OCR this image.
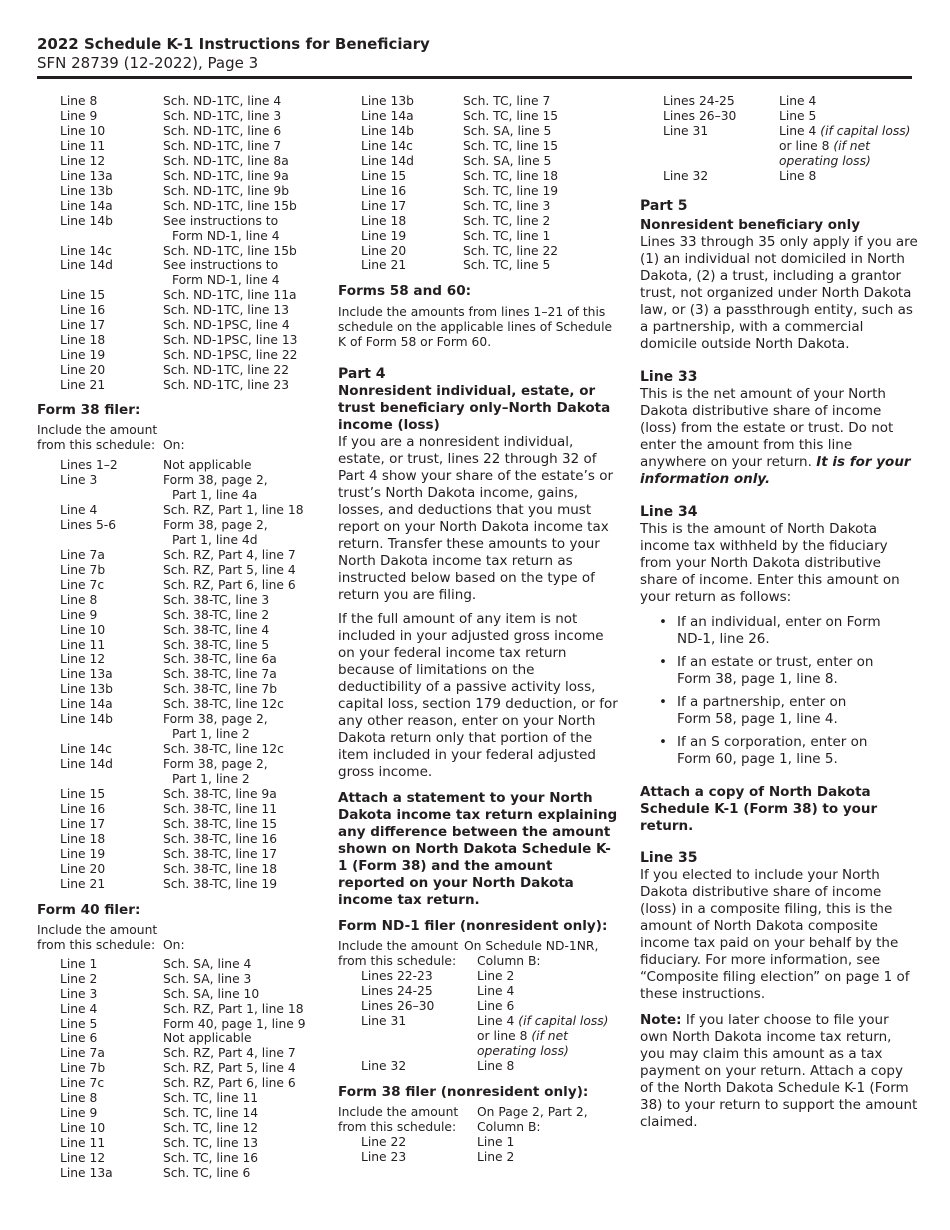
2022 Schedule K-1 Instructions for Beneficiary
SFN 28739 (12-2022), Page 3
Line 8	Sch. ND-1TC, line 4
Line 9	Sch. ND-1TC, line 3
Line 10	Sch. ND-1TC, line 6
Line 11	Sch. ND-1TC, line 7
Line 12	Sch. ND-1TC, line 8a
Line 13a	Sch. ND-1TC, line 9a
Line 13b	Sch. ND-1TC, line 9b
Line 14a	Sch. ND-1TC, line 15b
Line 14b	See instructions to
Form ND-1, line 4
Line 14c	Sch. ND-1TC, line 15b
Line 14d	See instructions to
Form ND-1, line 4
Line 15	Sch. ND-1TC, line 11a
Line 16	Sch. ND-1TC, line 13
Line 17	Sch. ND-1PSC, line 4
Line 18	Sch. ND-1PSC, line 13
Line 19	Sch. ND-1PSC, line 22
Line 20	Sch. ND-1TC, line 22
Line 21	Sch. ND-1TC, line 23
Form 38 filer:
Include the amount
from this schedule: On:
Lines 1–2	Not applicable
Line 3	Form 38, page 2,
Part 1, line 4a
Line 4	Sch. RZ, Part 1, line 18
Lines 5-6	Form 38, page 2,
Part 1, line 4d
Line 7a	Sch. RZ, Part 4, line 7
Line 7b	Sch. RZ, Part 5, line 4
Line 7c	Sch. RZ, Part 6, line 6
Line 8	Sch. 38-TC, line 3
Line 9	Sch. 38-TC, line 2
Line 10	Sch. 38-TC, line 4
Line 11	Sch. 38-TC, line 5
Line 12	Sch. 38-TC, line 6a
Line 13a	Sch. 38-TC, line 7a
Line 13b	Sch. 38-TC, line 7b
Line 14a	Sch. 38-TC, line 12c
Line 14b	Form 38, page 2,
Part 1, line 2
Line 14c	Sch. 38-TC, line 12c
Line 14d	Form 38, page 2,
Part 1, line 2
Line 15	Sch. 38-TC, line 9a
Line 16	Sch. 38-TC, line 11
Line 17	Sch. 38-TC, line 15
Line 18	Sch. 38-TC, line 16
Line 19	Sch. 38-TC, line 17
Line 20	Sch. 38-TC, line 18
Line 21	Sch. 38-TC, line 19
Form 40 filer:
Include the amount
from this schedule: On:
Line 1	Sch. SA, line 4
Line 2	Sch. SA, line 3
Line 3	Sch. SA, line 10
Line 4	Sch. RZ, Part 1, line 18
Line 5	Form 40, page 1, line 9
Line 6	Not applicable
Line 7a	Sch. RZ, Part 4, line 7
Line 7b	Sch. RZ, Part 5, line 4
Line 7c	Sch. RZ, Part 6, line 6
Line 8	Sch. TC, line 11
Line 9	Sch. TC, line 14
Line 10	Sch. TC, line 12
Line 11	Sch. TC, line 13
Line 12	Sch. TC, line 16
Line 13a	Sch. TC, line 6
Line 13b	Sch. TC, line 7
Line 14a	Sch. TC, line 15
Line 14b	Sch. SA, line 5
Line 14c	Sch. TC, line 15
Line 14d	Sch. SA, line 5
Line 15	Sch. TC, line 18
Line 16	Sch. TC, line 19
Line 17	Sch. TC, line 3
Line 18	Sch. TC, line 2
Line 19	Sch. TC, line 1
Line 20	Sch. TC, line 22
Line 21	Sch. TC, line 5
Forms 58 and 60:
Include the amounts from lines 1–21 of this schedule on the applicable lines of Schedule K of Form 58 or Form 60.
Part 4
Nonresident individual, estate, or trust beneficiary only–North Dakota income (loss)

If you are a nonresident individual, estate, or trust, lines 22 through 32 of Part 4 show your share of the estate’s or trust’s North Dakota income, gains, losses, and deductions that you must report on your North Dakota income tax return. Transfer these amounts to your North Dakota income tax return as instructed below based on the type of return you are filing.

If the full amount of any item is not included in your adjusted gross income on your federal income tax return because of limitations on the deductibility of a passive activity loss, capital loss, section 179 deduction, or for any other reason, enter on your North Dakota return only that portion of the item included in your federal adjusted gross income.

Attach a statement to your North Dakota income tax return explaining any difference between the amount shown on North Dakota Schedule K-1 (Form 38) and the amount reported on your North Dakota income tax return.

Form ND-1 filer (nonresident only):
Include the amount On Schedule ND-1NR,
from this schedule:	Column B:
Lines 22-23	Line 2
Lines 24-25	Line 4
Lines 26–30	Line 6
Line 31	Line 4 (if capital loss) or line 8 (if net operating loss)
Line 32	Line 8
Form 38 filer (nonresident only):
Include the amount	On Page 2, Part 2,
from this schedule:	Column B:
Line 22	Line 1
Line 23	Line 2
Lines 24-25	Line 4
Lines 26–30	Line 5
Line 31	Line 4 (if capital loss) or line 8 (if net operating loss)
Line 32	Line 8
Part 5
Nonresident beneficiary only

Lines 33 through 35 only apply if you are (1) an individual not domiciled in North Dakota, (2) a trust, including a grantor trust, not organized under North Dakota law, or (3) a passthrough entity, such as a partnership, with a commercial domicile outside North Dakota.

Line 33

This is the net amount of your North Dakota distributive share of income (loss) from the estate or trust. Do not enter the amount from this line anywhere on your return. It is for your information only.

Line 34

This is the amount of North Dakota income tax withheld by the fiduciary from your North Dakota distributive share of income. Enter this amount on your return as follows:

• If an individual, enter on Form ND-1, line 26.
• If an estate or trust, enter on Form 38, page 1, line 8.
• If a partnership, enter on Form 58, page 1, line 4.
• If an S corporation, enter on Form 60, page 1, line 5.

Attach a copy of North Dakota Schedule K-1 (Form 38) to your return.

Line 35

If you elected to include your North Dakota distributive share of income (loss) in a composite filing, this is the amount of North Dakota composite income tax paid on your behalf by the fiduciary. For more information, see “Composite filing election” on page 1 of these instructions.

Note: If you later choose to file your own North Dakota income tax return, you may claim this amount as a tax payment on your return. Attach a copy of the North Dakota Schedule K-1 (Form 38) to your return to support the amount claimed.
